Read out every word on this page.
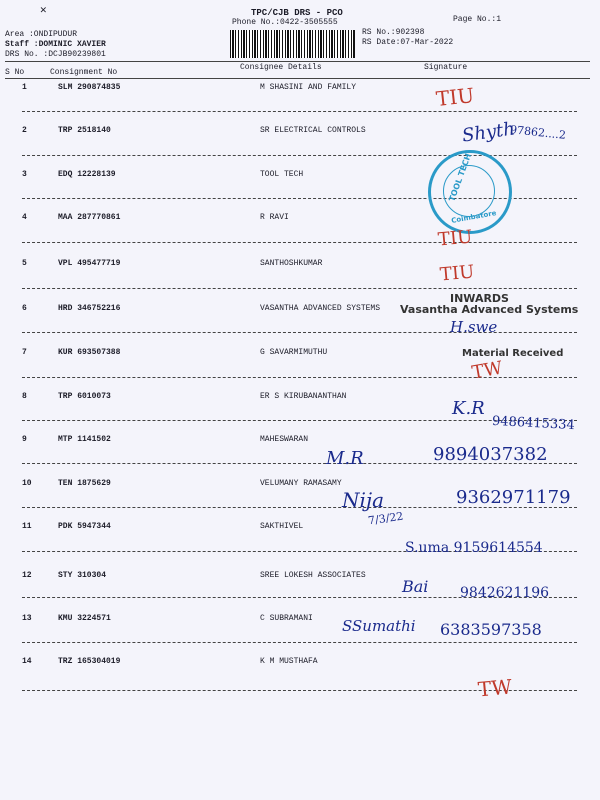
✕	TPC/CJB DRS - PCO
Phone No.:0422-3505555	Page No.:1
Area :ONDIPUDUR
Staff :DOMINIC XAVIER
DRS No. :DCJB90239801
RS No.:902398
RS Date:07-Mar-2022
Consignee Details	Signature
S No	Consignment No
1	SLM 290874835	M SHASINI AND FAMILY
2	TRP 2518140	SR ELECTRICAL CONTROLS
3	EDQ 12228139	TOOL TECH
4	MAA 287770861	R RAVI
5	VPL 495477719	SANTHOSHKUMAR
6	HRD 346752216	VASANTHA ADVANCED SYSTEMS
7	KUR 693507388	G SAVARMIMUTHU
8	TRP 6010073	ER S KIRUBANANTHAN
9	MTP 1141502	MAHESWARAN
10	TEN 1875629	VELUMANY RAMASAMY
11	PDK 5947344	SAKTHIVEL
12	STY 310304	SREE LOKESH ASSOCIATES
13	KMU 3224571	C SUBRAMANI
14	TRZ 165304019	K M MUSTHAFA
TIU
Shyth
97862....2
TOOL TECH
Coimbatore
TIU
TIU
INWARDS
Vasantha Advanced Systems
H.swe
Material Received
TW
K.R
9486415334
M.R	9894037382
Nija	9362971179
7/3/22
S.uma 9159614554
Bai 9842621196
SSumathi 6383597358
TW
